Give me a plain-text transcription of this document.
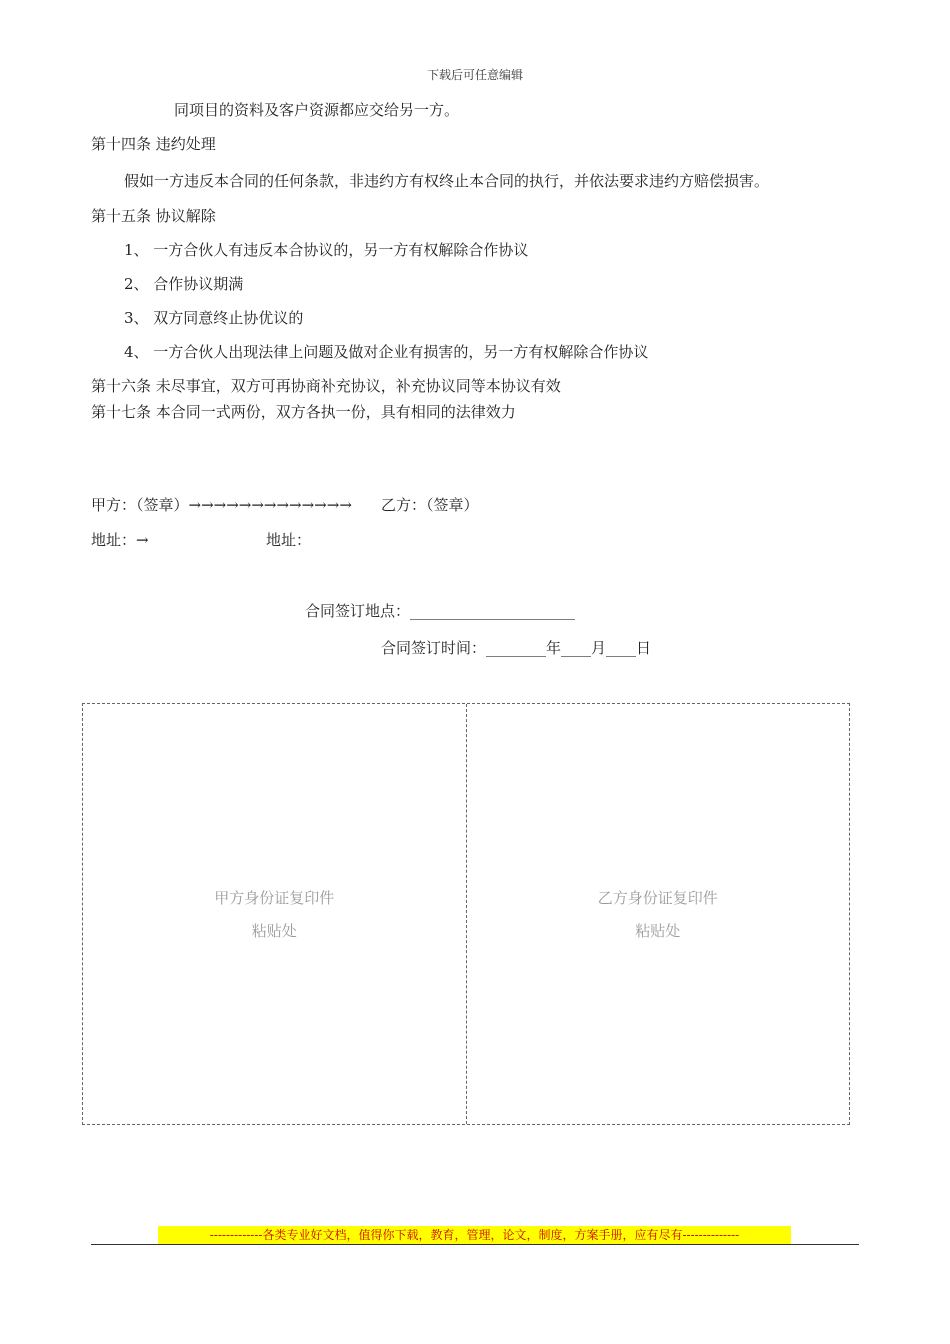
下载后可任意编辑
同项目的资料及客户资源都应交给另一方。
第十四条 违约处理
假如一方违反本合同的任何条款，非违约方有权终止本合同的执行，并依法要求违约方赔偿损害。
第十五条 协议解除
1、 一方合伙人有违反本合协议的，另一方有权解除合作协议
2、 合作协议期满
3、 双方同意终止协优议的
4、 一方合伙人出现法律上问题及做对企业有损害的，另一方有权解除合作协议
第十六条 未尽事宜，双方可再协商补充协议，补充协议同等本协议有效
第十七条 本合同一式两份，双方各执一份，具有相同的法律效力
甲方：（签章）→→→→→→→→→→→→→ 乙方：（签章）
地址：→	地址：
合同签订地点：______________________
合同签订时间：________年____月____日
甲方身份证复印件
粘贴处
乙方身份证复印件
粘贴处
-------------各类专业好文档，值得你下载，教育，管理，论文，制度，方案手册，应有尽有--------------
